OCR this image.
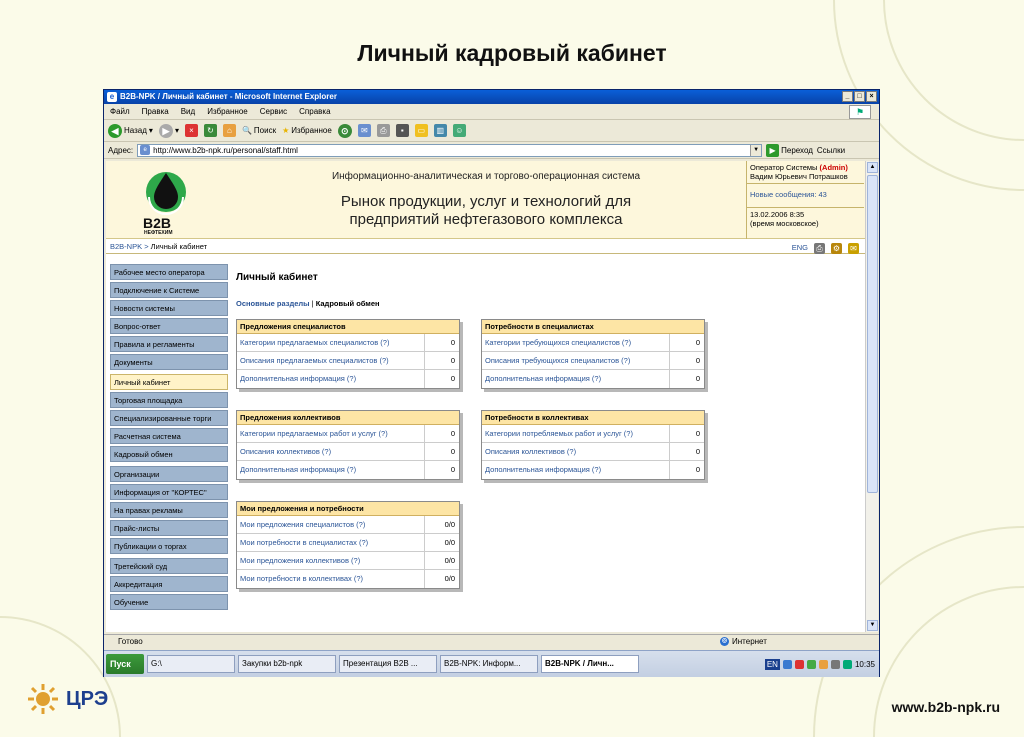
Личный кадровый кабинет
e B2B-NPK / Личный кабинет - Microsoft Internet Explorer	_	□	×
Файл Правка Вид Избранное Сервис Справка	⚑
◀ Назад ▾	▶ ▾	×	↻	⌂	🔍 Поиск ★ Избранное	⊙	✉	⎙	▪	▭	▥	☺
Адрес:	e http://www.b2b-npk.ru/personal/staff.html	▼	▶ Переход Ссылки
B2B
НЕФТЕХИМ
Информационно-аналитическая и торгово-операционная система
Рынок продукции, услуг и технологий для
предприятий нефтегазового комплекса
Оператор Системы (Admin)
Вадим Юрьевич Потрашков
Новые сообщения: 43
13.02.2006 8:35
(время московское)
B2B-NPK > Личный кабинет	ENG ⎙ ⚙ ✉
Рабочее место оператора
Подключение к Системе
Новости системы
Вопрос-ответ
Правила и регламенты
Документы
Личный кабинет
Торговая площадка
Специализированные торги
Расчетная система
Кадровый обмен
Организации
Информация от "КОРТЕС"
На правах рекламы
Прайс-листы
Публикации о торгах
Третейский суд
Аккредитация
Обучение
Личный кабинет
Основные разделы | Кадровый обмен
Предложения специалистов
Категории предлагаемых специалистов (?)	0
Описания предлагаемых специалистов (?)	0
Дополнительная информация (?)	0
Потребности в специалистах
Категории требующихся специалистов (?)	0
Описания требующихся специалистов (?)	0
Дополнительная информация (?)	0
Предложения коллективов
Категории предлагаемых работ и услуг (?)	0
Описания коллективов (?)	0
Дополнительная информация (?)	0
Потребности в коллективах
Категории потребляемых работ и услуг (?)	0
Описания коллективов (?)	0
Дополнительная информация (?)	0
Мои предложения и потребности
Мои предложения специалистов (?)	0/0
Мои потребности в специалистах (?)	0/0
Мои предложения коллективов (?)	0/0
Мои потребности в коллективах (?)	0/0
▲
▼
Готово	◎ Интернет
Пуск	G:\	Закупки b2b-npk	Презентация B2B ...	B2B-NPK: Информ...	B2B-NPK / Личн...	EN	10:35
ЦРЭ	www.b2b-npk.ru
